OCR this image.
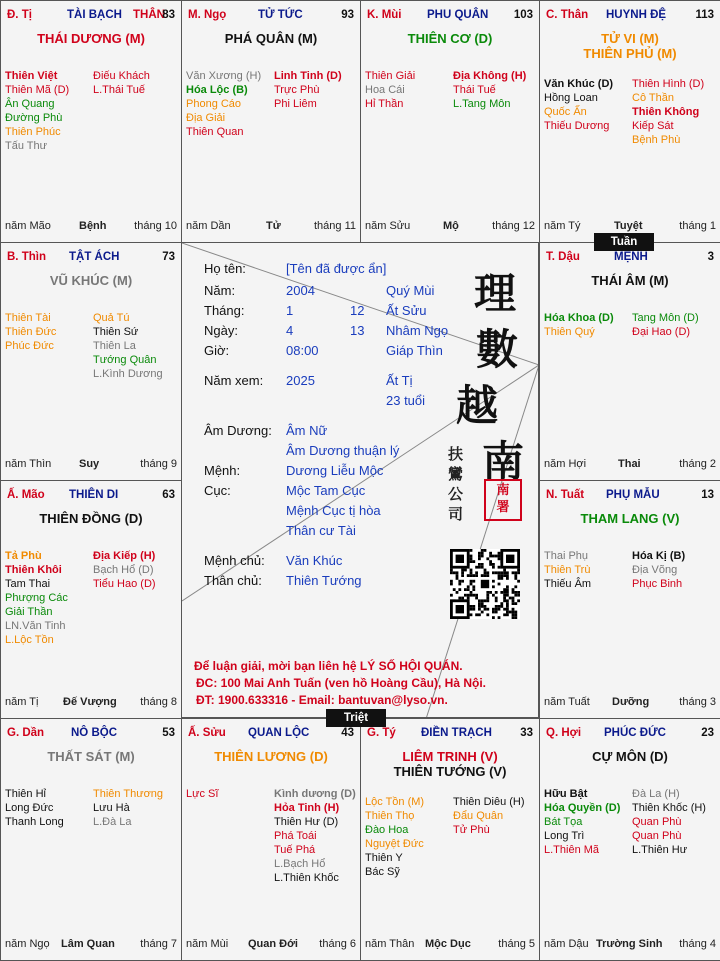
Đ. Tị	TÀI BẠCH THÂN
83
THÁI DƯƠNG (M)
Thiên Việt
Thiên Mã (D)
Ân Quang
Đường Phù
Thiên Phúc
Tấu Thư
Điếu Khách
L.Thái Tuế
năm Mão	Bệnh	tháng 10
M. Ngọ	TỬ TỨC	93
PHÁ QUÂN (M)
Văn Xương (H)
Hóa Lộc (B)
Phong Cáo
Địa Giải
Thiên Quan
Linh Tinh (D)
Trực Phù
Phi Liêm
năm Dần	Tử	tháng 11
K. Mùi PHU QUÂN 103
THIÊN CƠ (D)
Thiên Giải
Hoa Cái
Hỉ Thần
Địa Không (H)
Thái Tuế
L.Tang Môn
năm Sửu	Mộ	tháng 12
C. Thân HUYNH ĐỆ	113
TỬ VI (M)
THIÊN PHỦ (M)
Văn Khúc (D)
Hồng Loan
Quốc Ấn
Thiếu Dương
Thiên Hình (D)
Cô Thần
Thiên Không
Kiếp Sát
Bệnh Phù
năm Tý	Tuyệt	tháng 1
B. Thìn TẬT ÁCH	73
VŨ KHÚC (M)
Thiên Tài
Thiên Đức
Phúc Đức
Quả Tú
Thiên Sứ
Thiên La
Tướng Quân
L.Kình Dương
năm Thìn	Suy	tháng 9
T. Dậu	MỆNH	3
THÁI ÂM (M)
Hóa Khoa (D)
Thiên Quý
Tang Môn (D)
Đại Hao (D)
năm Hợi	Thai	tháng 2
Ấ. Mão THIÊN DI	63
THIÊN ĐỒNG (D)
Tả Phù
Thiên Khôi
Tam Thai
Phượng Các
Giải Thần
LN.Văn Tinh
L.Lộc Tồn
Địa Kiếp (H)
Bạch Hổ (D)
Tiểu Hao (D)
năm Tị Đế Vượng tháng 8
N. Tuất PHỤ MẪU	13
THAM LANG (V)
Thai Phụ
Thiên Trù
Thiếu Âm
Hóa Kị (B)
Địa Võng
Phục Binh
năm Tuất Dưỡng	tháng 3
G. Dần NÔ BỘC	53
THẤT SÁT (M)
Thiên Hỉ
Long Đức
Thanh Long
Thiên Thương
Lưu Hà
L.Đà La
năm Ngọ Lâm Quan tháng 7
Ấ. Sửu QUAN LỘC	43
THIÊN LƯƠNG (D)
Lực Sĩ	Kình dương (D)
Hỏa Tinh (H)
Thiên Hư (D)
Phá Toái
Tuế Phá
L.Bạch Hổ
L.Thiên Khốc
năm Mùi Quan Đới tháng 6
G. Tý ĐIỀN TRẠCH 33
LIÊM TRINH (V)
THIÊN TƯỚNG (V)
Lộc Tồn (M)
Thiên Thọ
Đào Hoa
Nguyệt Đức
Thiên Y
Bác Sỹ
Thiên Diêu (H)
Đẩu Quân
Tử Phù
năm Thân Mộc Dục tháng 5
Q. Hợi PHÚC ĐỨC	23
CỰ MÔN (D)
Hữu Bật
Hóa Quyền (D)
Bát Tọa
Long Trì
L.Thiên Mã
Đà La (H)
Thiên Khốc (H)
Quan Phù
Quan Phù
L.Thiên Hư
năm Dậu Trường Sinh tháng 4
Họ tên:	[Tên đã được ẩn]
Năm:	2004	Quý Mùi
Tháng:	1	12 Ất Sửu
Ngày:	4	13 Nhâm Ngọ
Giờ:	08:00	Giáp Thìn
Năm xem: 2025	Ất Tị
23 tuổi
Âm Dương: Âm Nữ
Âm Dương thuận lý
Mệnh:	Dương Liễu Mộc
Cục:	Mộc Tam Cục
Mệnh Cục tị hòa
Thân cư Tài
Mệnh chủ: Văn Khúc
Thân chủ: Thiên Tướng
理
數
越
南
扶
鸞
公
司
南
署
Để luận giải, mời bạn liên hệ LÝ SỐ HỘI QUÁN.
ĐC: 100 Mai Anh Tuấn (ven hồ Hoàng Cầu), Hà Nội.
ĐT: 1900.633316 - Email: bantuvan@lyso.vn.
Tuần
Triệt
